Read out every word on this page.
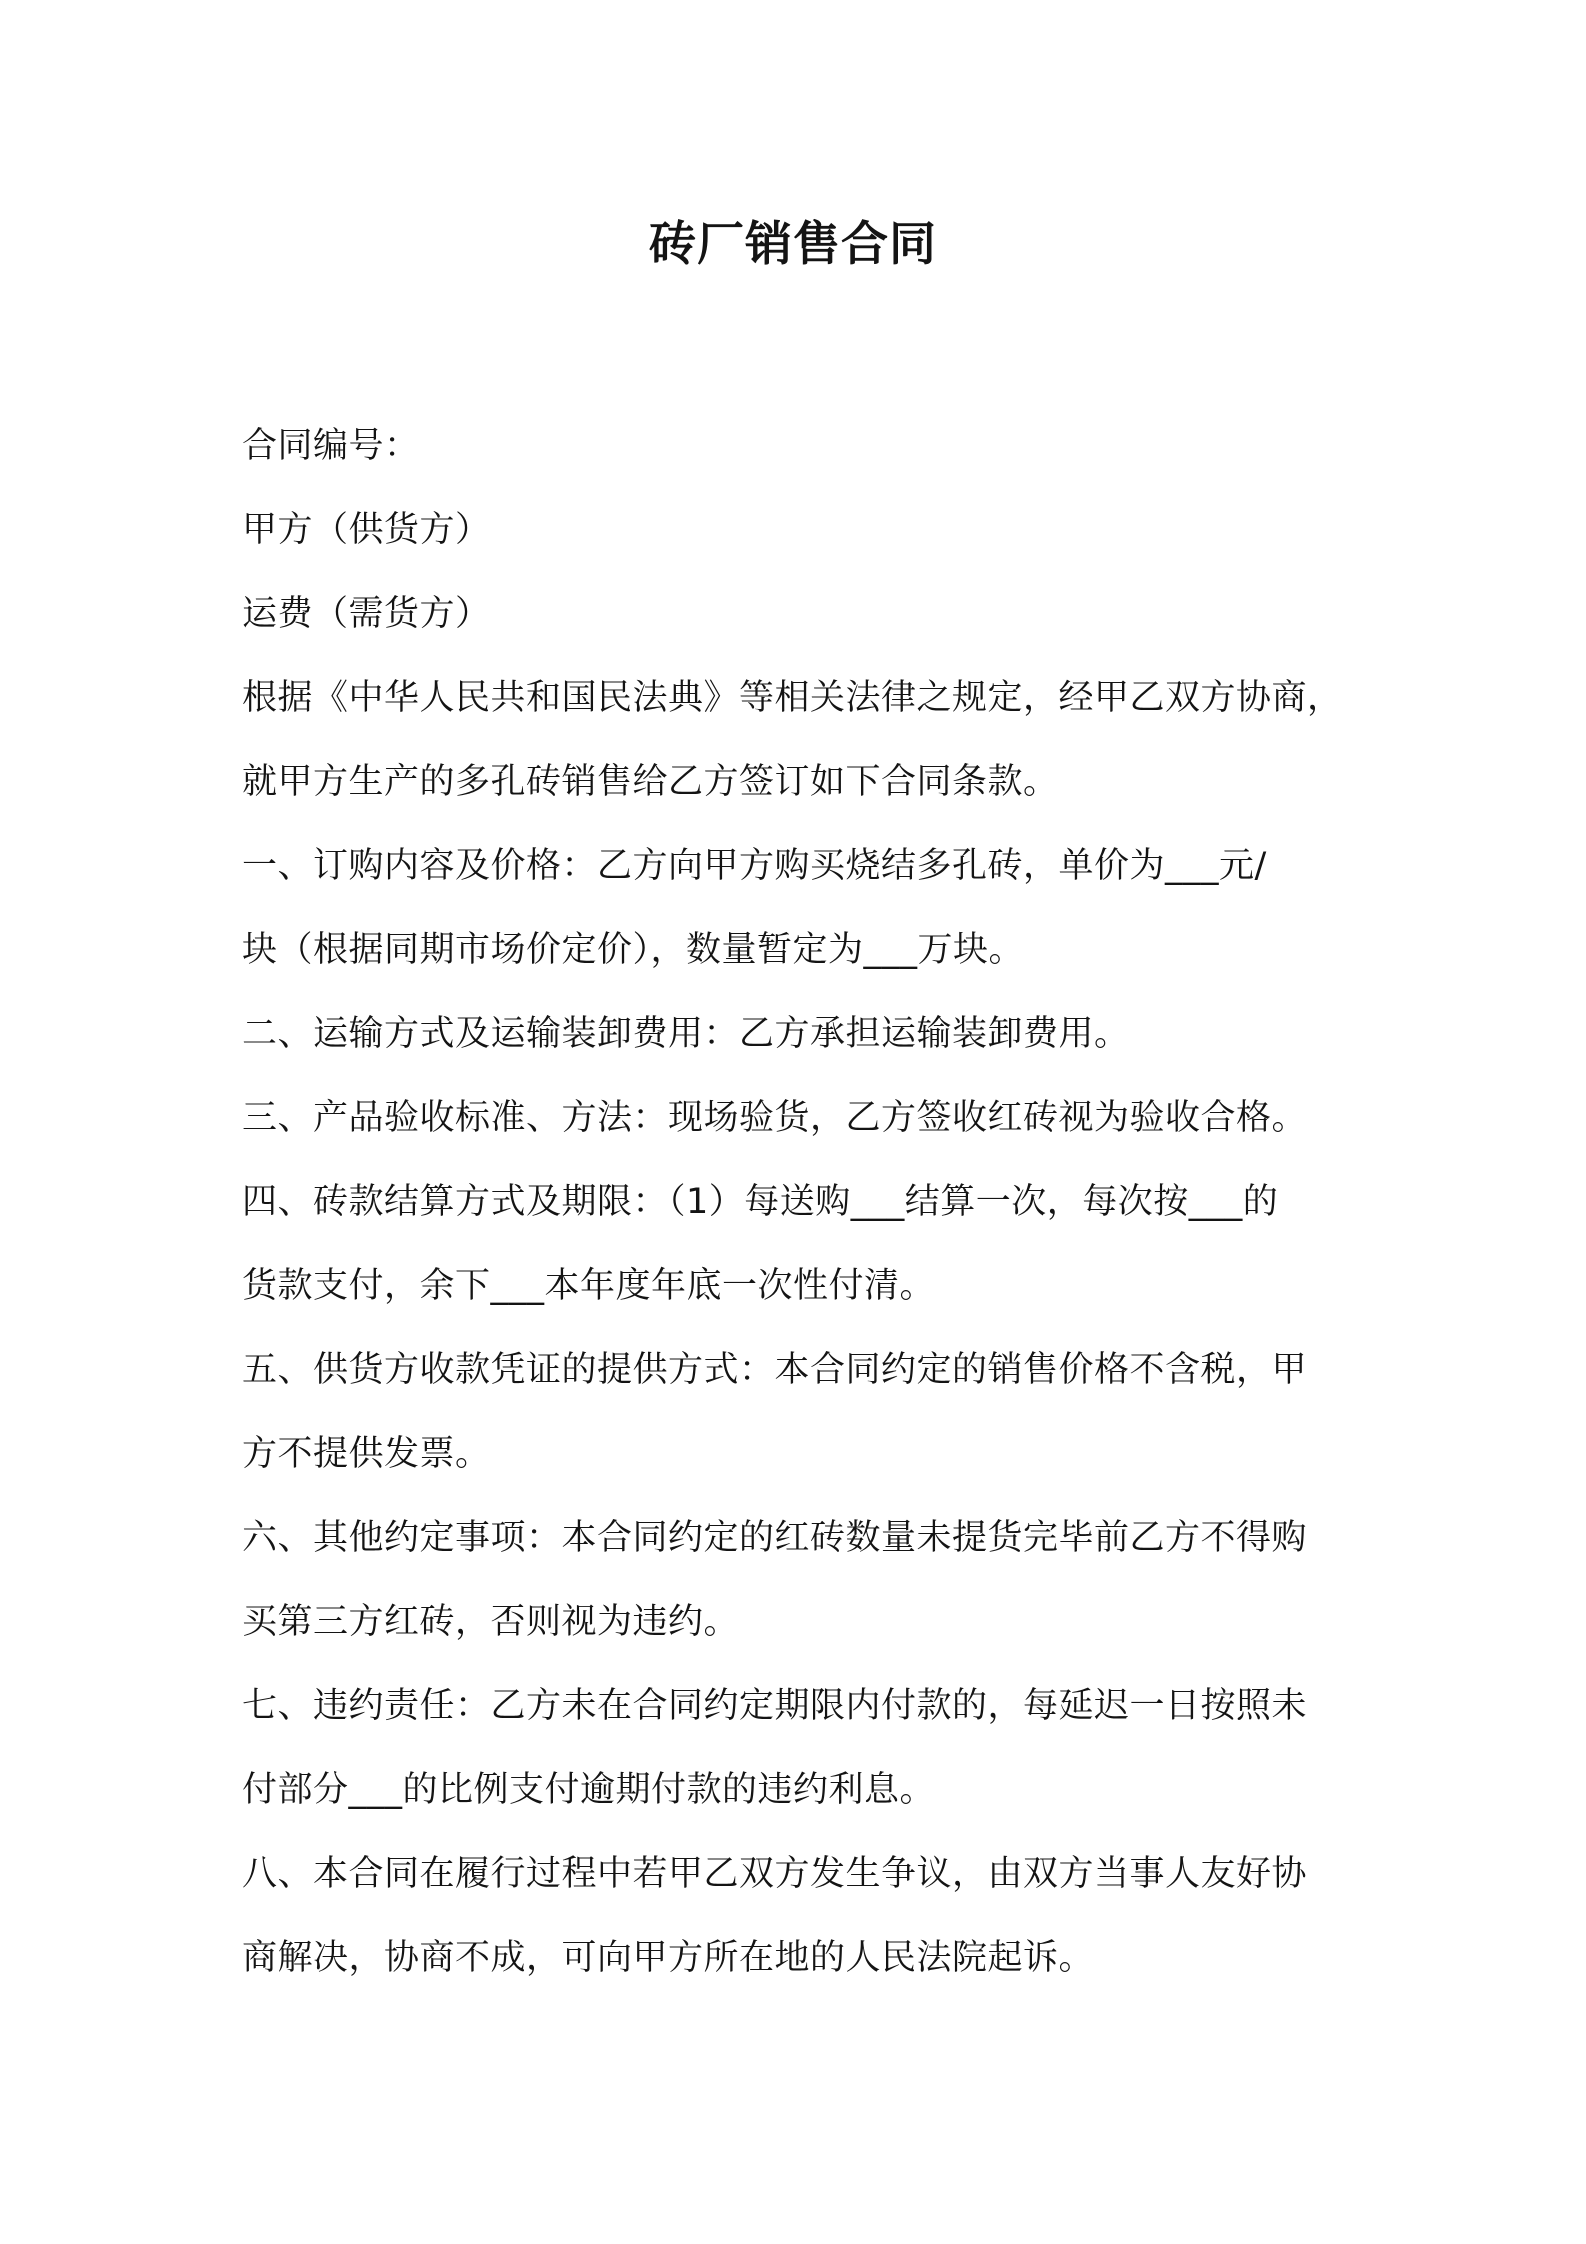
砖厂销售合同
合同编号：
甲方（供货方）
运费（需货方）
根据《中华人民共和国民法典》等相关法律之规定，经甲乙双方协商，
就甲方生产的多孔砖销售给乙方签订如下合同条款。
一、订购内容及价格：乙方向甲方购买烧结多孔砖，单价为___元/
块（根据同期市场价定价），数量暂定为___万块。
二、运输方式及运输装卸费用：乙方承担运输装卸费用。
三、产品验收标准、方法：现场验货，乙方签收红砖视为验收合格。
四、砖款结算方式及期限：（1）每送购___结算一次，每次按___的
货款支付，余下___本年度年底一次性付清。
五、供货方收款凭证的提供方式：本合同约定的销售价格不含税，甲
方不提供发票。
六、其他约定事项：本合同约定的红砖数量未提货完毕前乙方不得购
买第三方红砖，否则视为违约。
七、违约责任：乙方未在合同约定期限内付款的，每延迟一日按照未
付部分___的比例支付逾期付款的违约利息。
八、本合同在履行过程中若甲乙双方发生争议，由双方当事人友好协
商解决，协商不成，可向甲方所在地的人民法院起诉。
